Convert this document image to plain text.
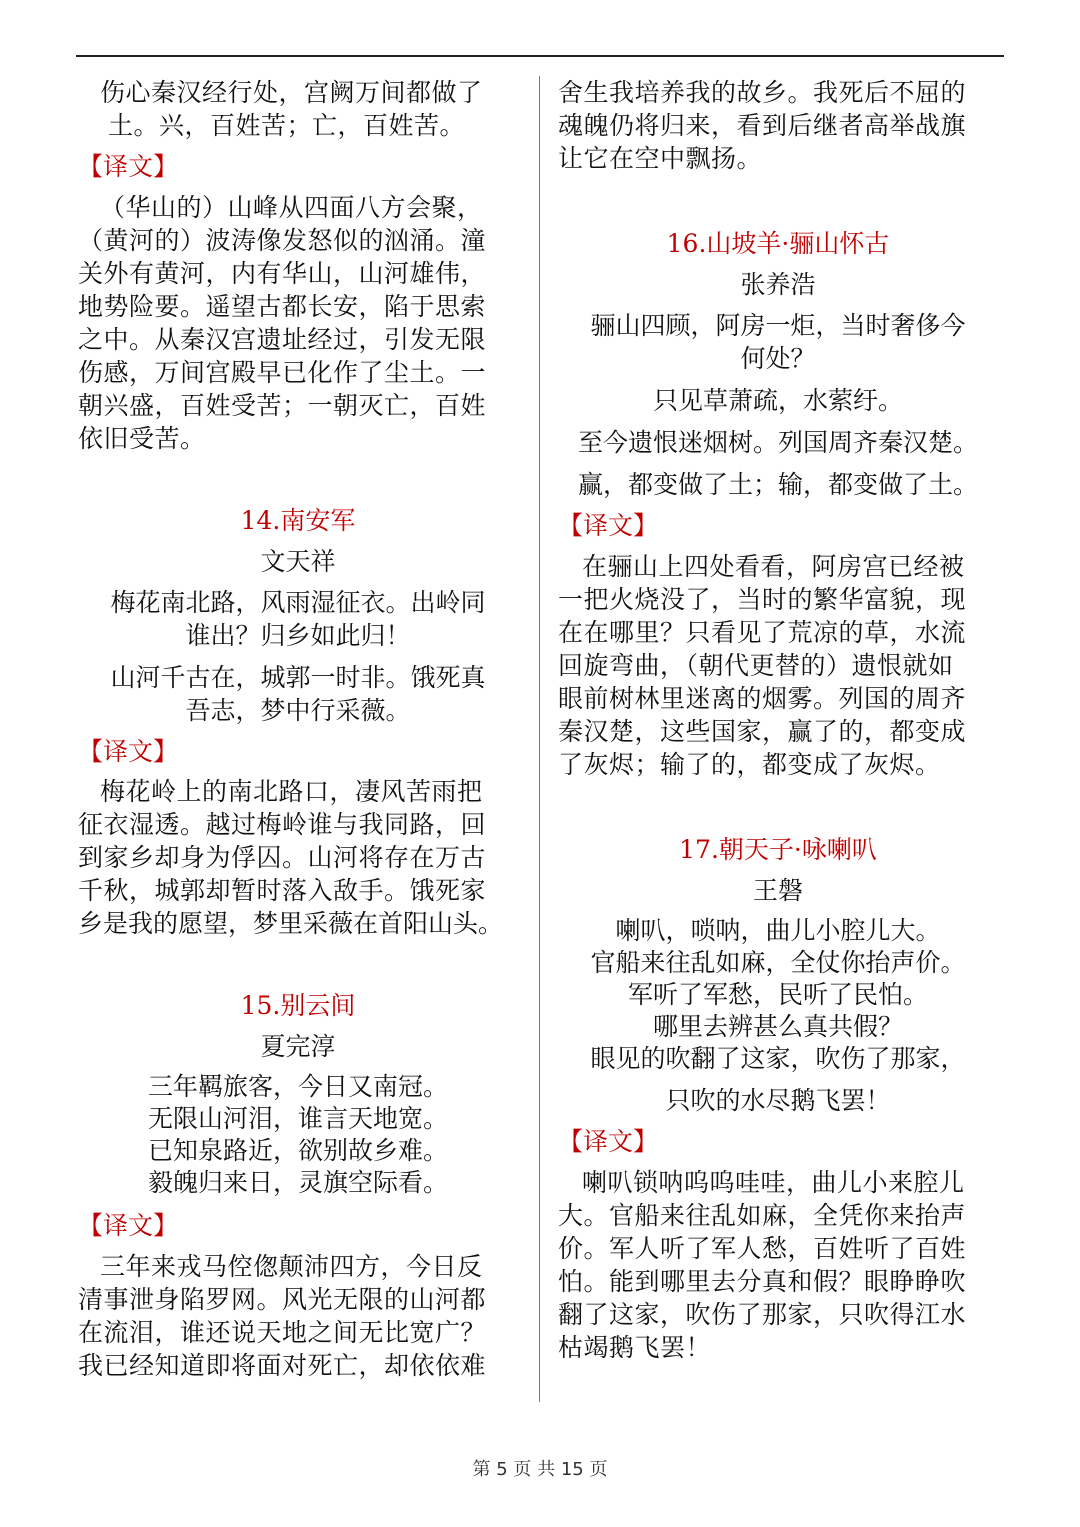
伤心秦汉经行处，宫阙万间都做了

土。兴，百姓苦；亡，百姓苦。

【译文】

（华山的）山峰从四面八方会聚，

（黄河的）波涛像发怒似的汹涌。潼

关外有黄河，内有华山，山河雄伟，

地势险要。遥望古都长安，陷于思索

之中。从秦汉宫遗址经过，引发无限

伤感，万间宫殿早已化作了尘土。一

朝兴盛，百姓受苦；一朝灭亡，百姓

依旧受苦。

14.南安军

文天祥

梅花南北路，风雨湿征衣。出岭同

谁出？归乡如此归！

山河千古在，城郭一时非。饿死真

吾志，梦中行采薇。

【译文】

梅花岭上的南北路口，凄风苦雨把

征衣湿透。越过梅岭谁与我同路，回

到家乡却身为俘囚。山河将存在万古

千秋，城郭却暂时落入敌手。饿死家

乡是我的愿望，梦里采薇在首阳山头。

15.别云间

夏完淳

三年羁旅客，今日又南冠。

无限山河泪，谁言天地宽。

已知泉路近，欲别故乡难。

毅魄归来日，灵旗空际看。

【译文】

三年来戎马倥偬颠沛四方，今日反

清事泄身陷罗网。风光无限的山河都

在流泪，谁还说天地之间无比宽广？

我已经知道即将面对死亡，却依依难

舍生我培养我的故乡。我死后不屈的

魂魄仍将归来，看到后继者高举战旗

让它在空中飘扬。

16.山坡羊·骊山怀古

张养浩

骊山四顾，阿房一炬，当时奢侈今

何处？

只见草萧疏，水萦纡。

至今遗恨迷烟树。列国周齐秦汉楚。

赢，都变做了土；输，都变做了土。

【译文】

在骊山上四处看看，阿房宫已经被

一把火烧没了，当时的繁华富貌，现

在在哪里？只看见了荒凉的草，水流

回旋弯曲，（朝代更替的）遗恨就如

眼前树林里迷离的烟雾。列国的周齐

秦汉楚，这些国家，赢了的，都变成

了灰烬；输了的，都变成了灰烬。

17.朝天子·咏喇叭

王磐

喇叭，唢呐，曲儿小腔儿大。

官船来往乱如麻，全仗你抬声价。

军听了军愁，民听了民怕。

哪里去辨甚么真共假？

眼见的吹翻了这家，吹伤了那家，

只吹的水尽鹅飞罢！

【译文】

喇叭锁呐呜呜哇哇，曲儿小来腔儿

大。官船来往乱如麻，全凭你来抬声

价。军人听了军人愁，百姓听了百姓

怕。能到哪里去分真和假？眼睁睁吹

翻了这家，吹伤了那家，只吹得江水

枯竭鹅飞罢！

第 5 页 共 15 页
